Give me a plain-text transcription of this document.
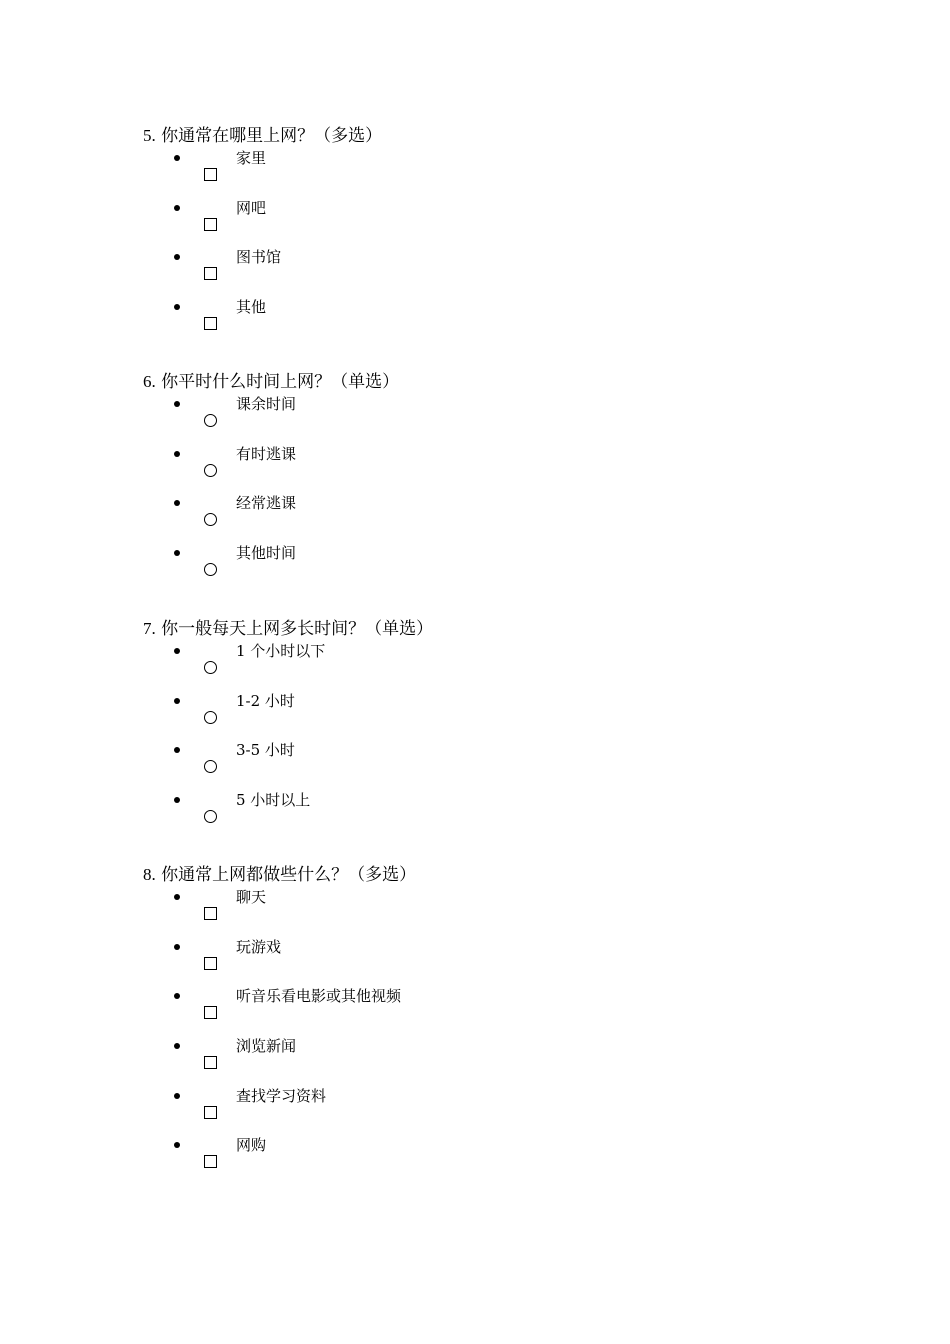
5. 你通常在哪里上网？（多选）
家里
网吧
图书馆
其他
6. 你平时什么时间上网？（单选）
课余时间
有时逃课
经常逃课
其他时间
7. 你一般每天上网多长时间？（单选）
1 个小时以下
1-2 小时
3-5 小时
5 小时以上
8. 你通常上网都做些什么？（多选）
聊天
玩游戏
听音乐看电影或其他视频
浏览新闻
查找学习资料
网购
